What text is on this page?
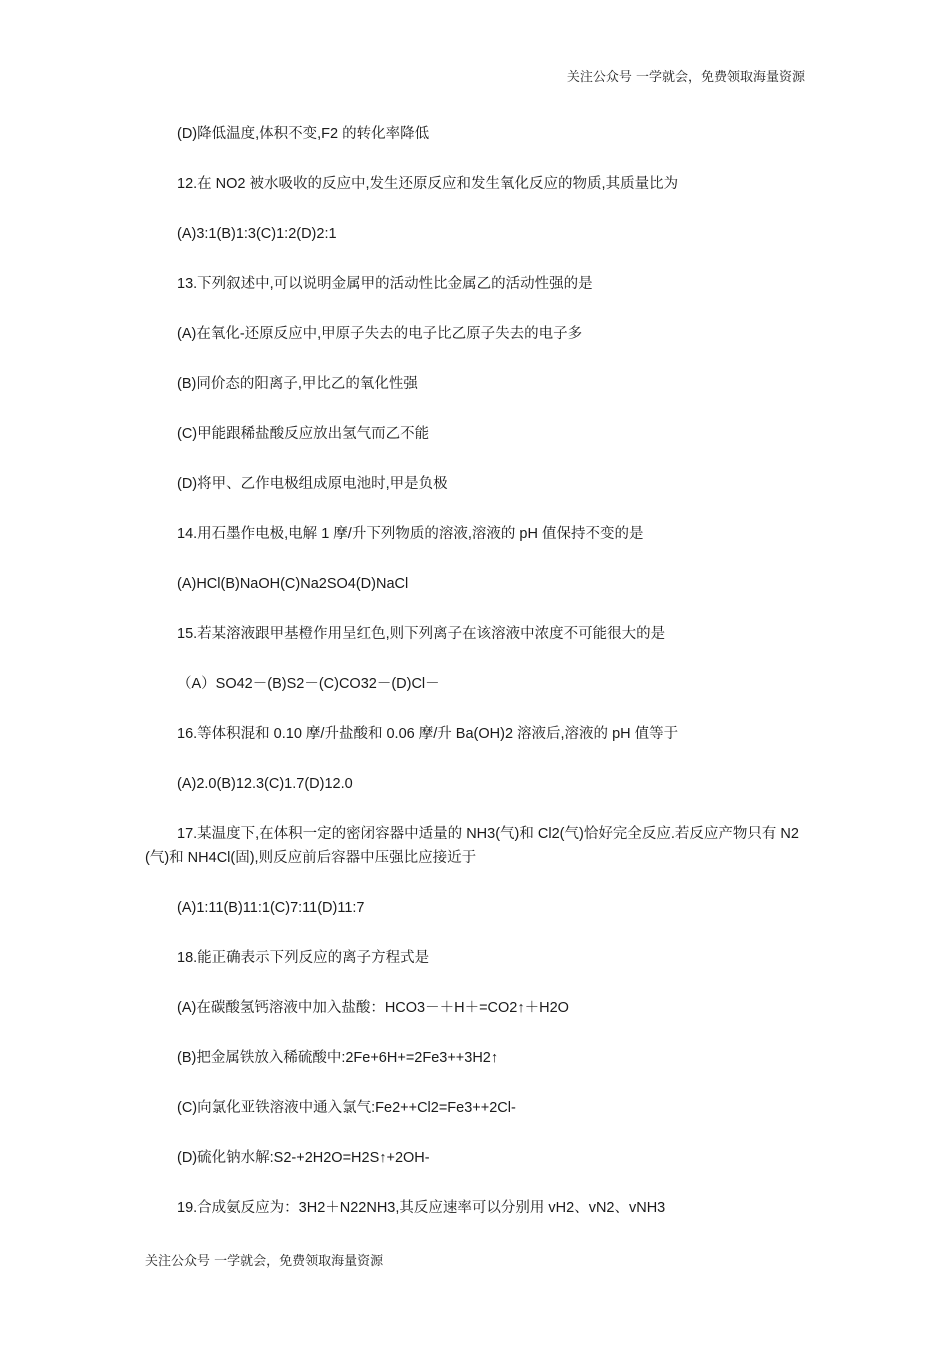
关注公众号 一学就会，免费领取海量资源

(D)降低温度,体积不变,F2 的转化率降低

12.在 NO2 被水吸收的反应中,发生还原反应和发生氧化反应的物质,其质量比为

(A)3:1(B)1:3(C)1:2(D)2:1

13.下列叙述中,可以说明金属甲的活动性比金属乙的活动性强的是

(A)在氧化-还原反应中,甲原子失去的电子比乙原子失去的电子多

(B)同价态的阳离子,甲比乙的氧化性强

(C)甲能跟稀盐酸反应放出氢气而乙不能

(D)将甲、乙作电极组成原电池时,甲是负极

14.用石墨作电极,电解 1 摩/升下列物质的溶液,溶液的 pH 值保持不变的是

(A)HCl(B)NaOH(C)Na2SO4(D)NaCl

15.若某溶液跟甲基橙作用呈红色,则下列离子在该溶液中浓度不可能很大的是

（A）SO42－(B)S2－(C)CO32－(D)Cl－

16.等体积混和 0.10 摩/升盐酸和 0.06 摩/升 Ba(OH)2 溶液后,溶液的 pH 值等于

(A)2.0(B)12.3(C)1.7(D)12.0

17.某温度下,在体积一定的密闭容器中适量的 NH3(气)和 Cl2(气)恰好完全反应.若反应产物只有 N2(气)和 NH4Cl(固),则反应前后容器中压强比应接近于

(A)1:11(B)11:1(C)7:11(D)11:7

18.能正确表示下列反应的离子方程式是

(A)在碳酸氢钙溶液中加入盐酸：HCO3－＋H＋=CO2↑＋H2O

(B)把金属铁放入稀硫酸中:2Fe+6H+=2Fe3++3H2↑

(C)向氯化亚铁溶液中通入氯气:Fe2++Cl2=Fe3++2Cl-

(D)硫化钠水解:S2-+2H2O=H2S↑+2OH-

19.合成氨反应为：3H2＋N22NH3,其反应速率可以分别用 vH2、vN2、vNH3

关注公众号 一学就会，免费领取海量资源
